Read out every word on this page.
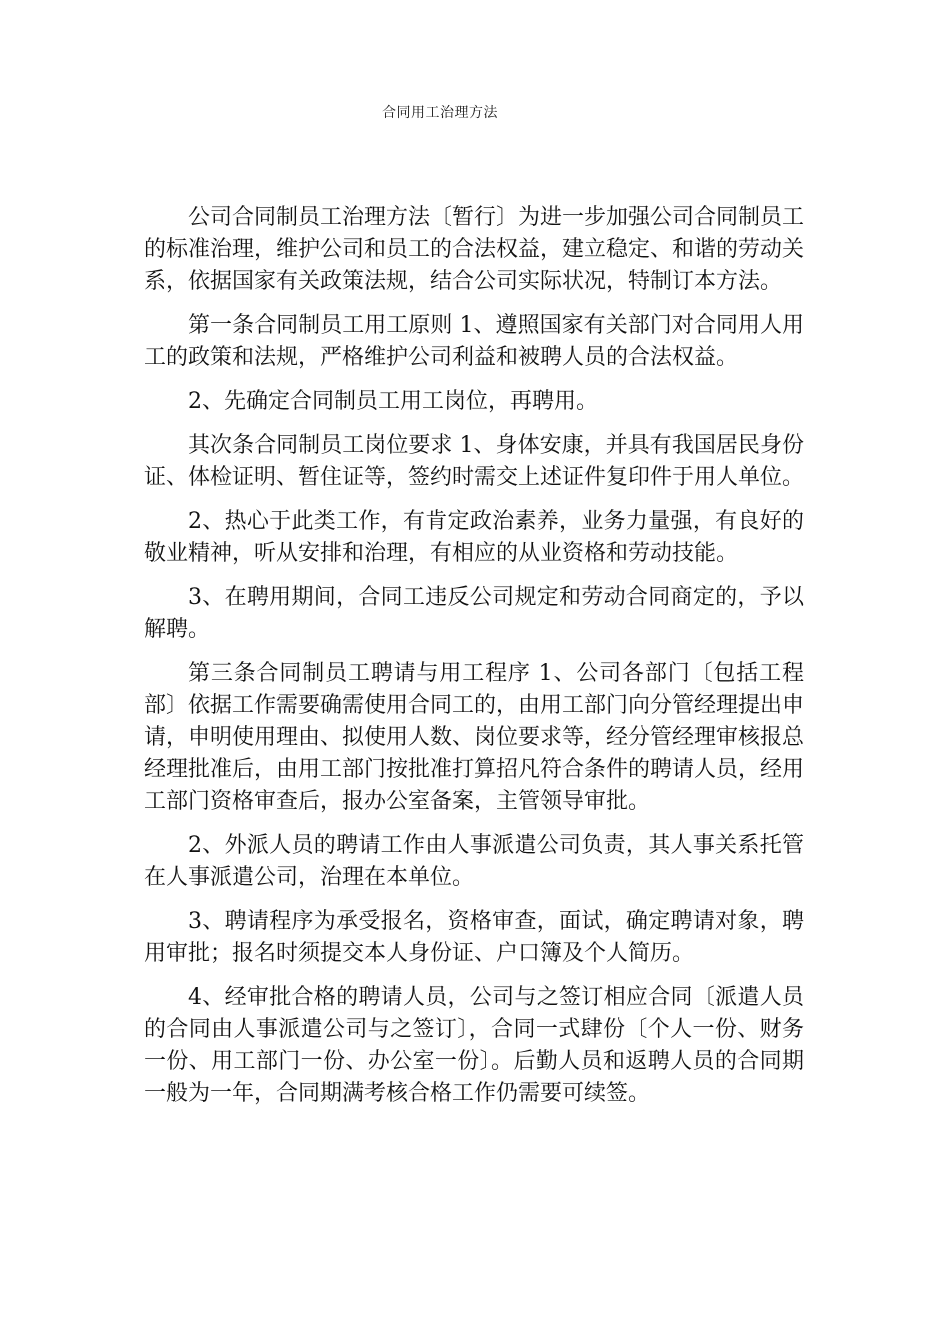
合同用工治理方法

公司合同制员工治理方法〔暂行〕为进一步加强公司合同制员工的标准治理，维护公司和员工的合法权益，建立稳定、和谐的劳动关系，依据国家有关政策法规，结合公司实际状况，特制订本方法。

第一条合同制员工用工原则 1、遵照国家有关部门对合同用人用工的政策和法规，严格维护公司利益和被聘人员的合法权益。

2、先确定合同制员工用工岗位，再聘用。

其次条合同制员工岗位要求 1、身体安康，并具有我国居民身份证、体检证明、暂住证等，签约时需交上述证件复印件于用人单位。

2、热心于此类工作，有肯定政治素养，业务力量强，有良好的敬业精神，听从安排和治理，有相应的从业资格和劳动技能。

3、在聘用期间，合同工违反公司规定和劳动合同商定的，予以解聘。

第三条合同制员工聘请与用工程序 1、公司各部门〔包括工程部〕依据工作需要确需使用合同工的，由用工部门向分管经理提出申请，申明使用理由、拟使用人数、岗位要求等，经分管经理审核报总经理批准后，由用工部门按批准打算招凡符合条件的聘请人员，经用工部门资格审查后，报办公室备案，主管领导审批。

2、外派人员的聘请工作由人事派遣公司负责，其人事关系托管在人事派遣公司，治理在本单位。

3、聘请程序为承受报名，资格审查，面试，确定聘请对象，聘用审批；报名时须提交本人身份证、户口簿及个人简历。

4、经审批合格的聘请人员，公司与之签订相应合同〔派遣人员的合同由人事派遣公司与之签订〕，合同一式肆份〔个人一份、财务一份、用工部门一份、办公室一份〕。后勤人员和返聘人员的合同期一般为一年，合同期满考核合格工作仍需要可续签。
